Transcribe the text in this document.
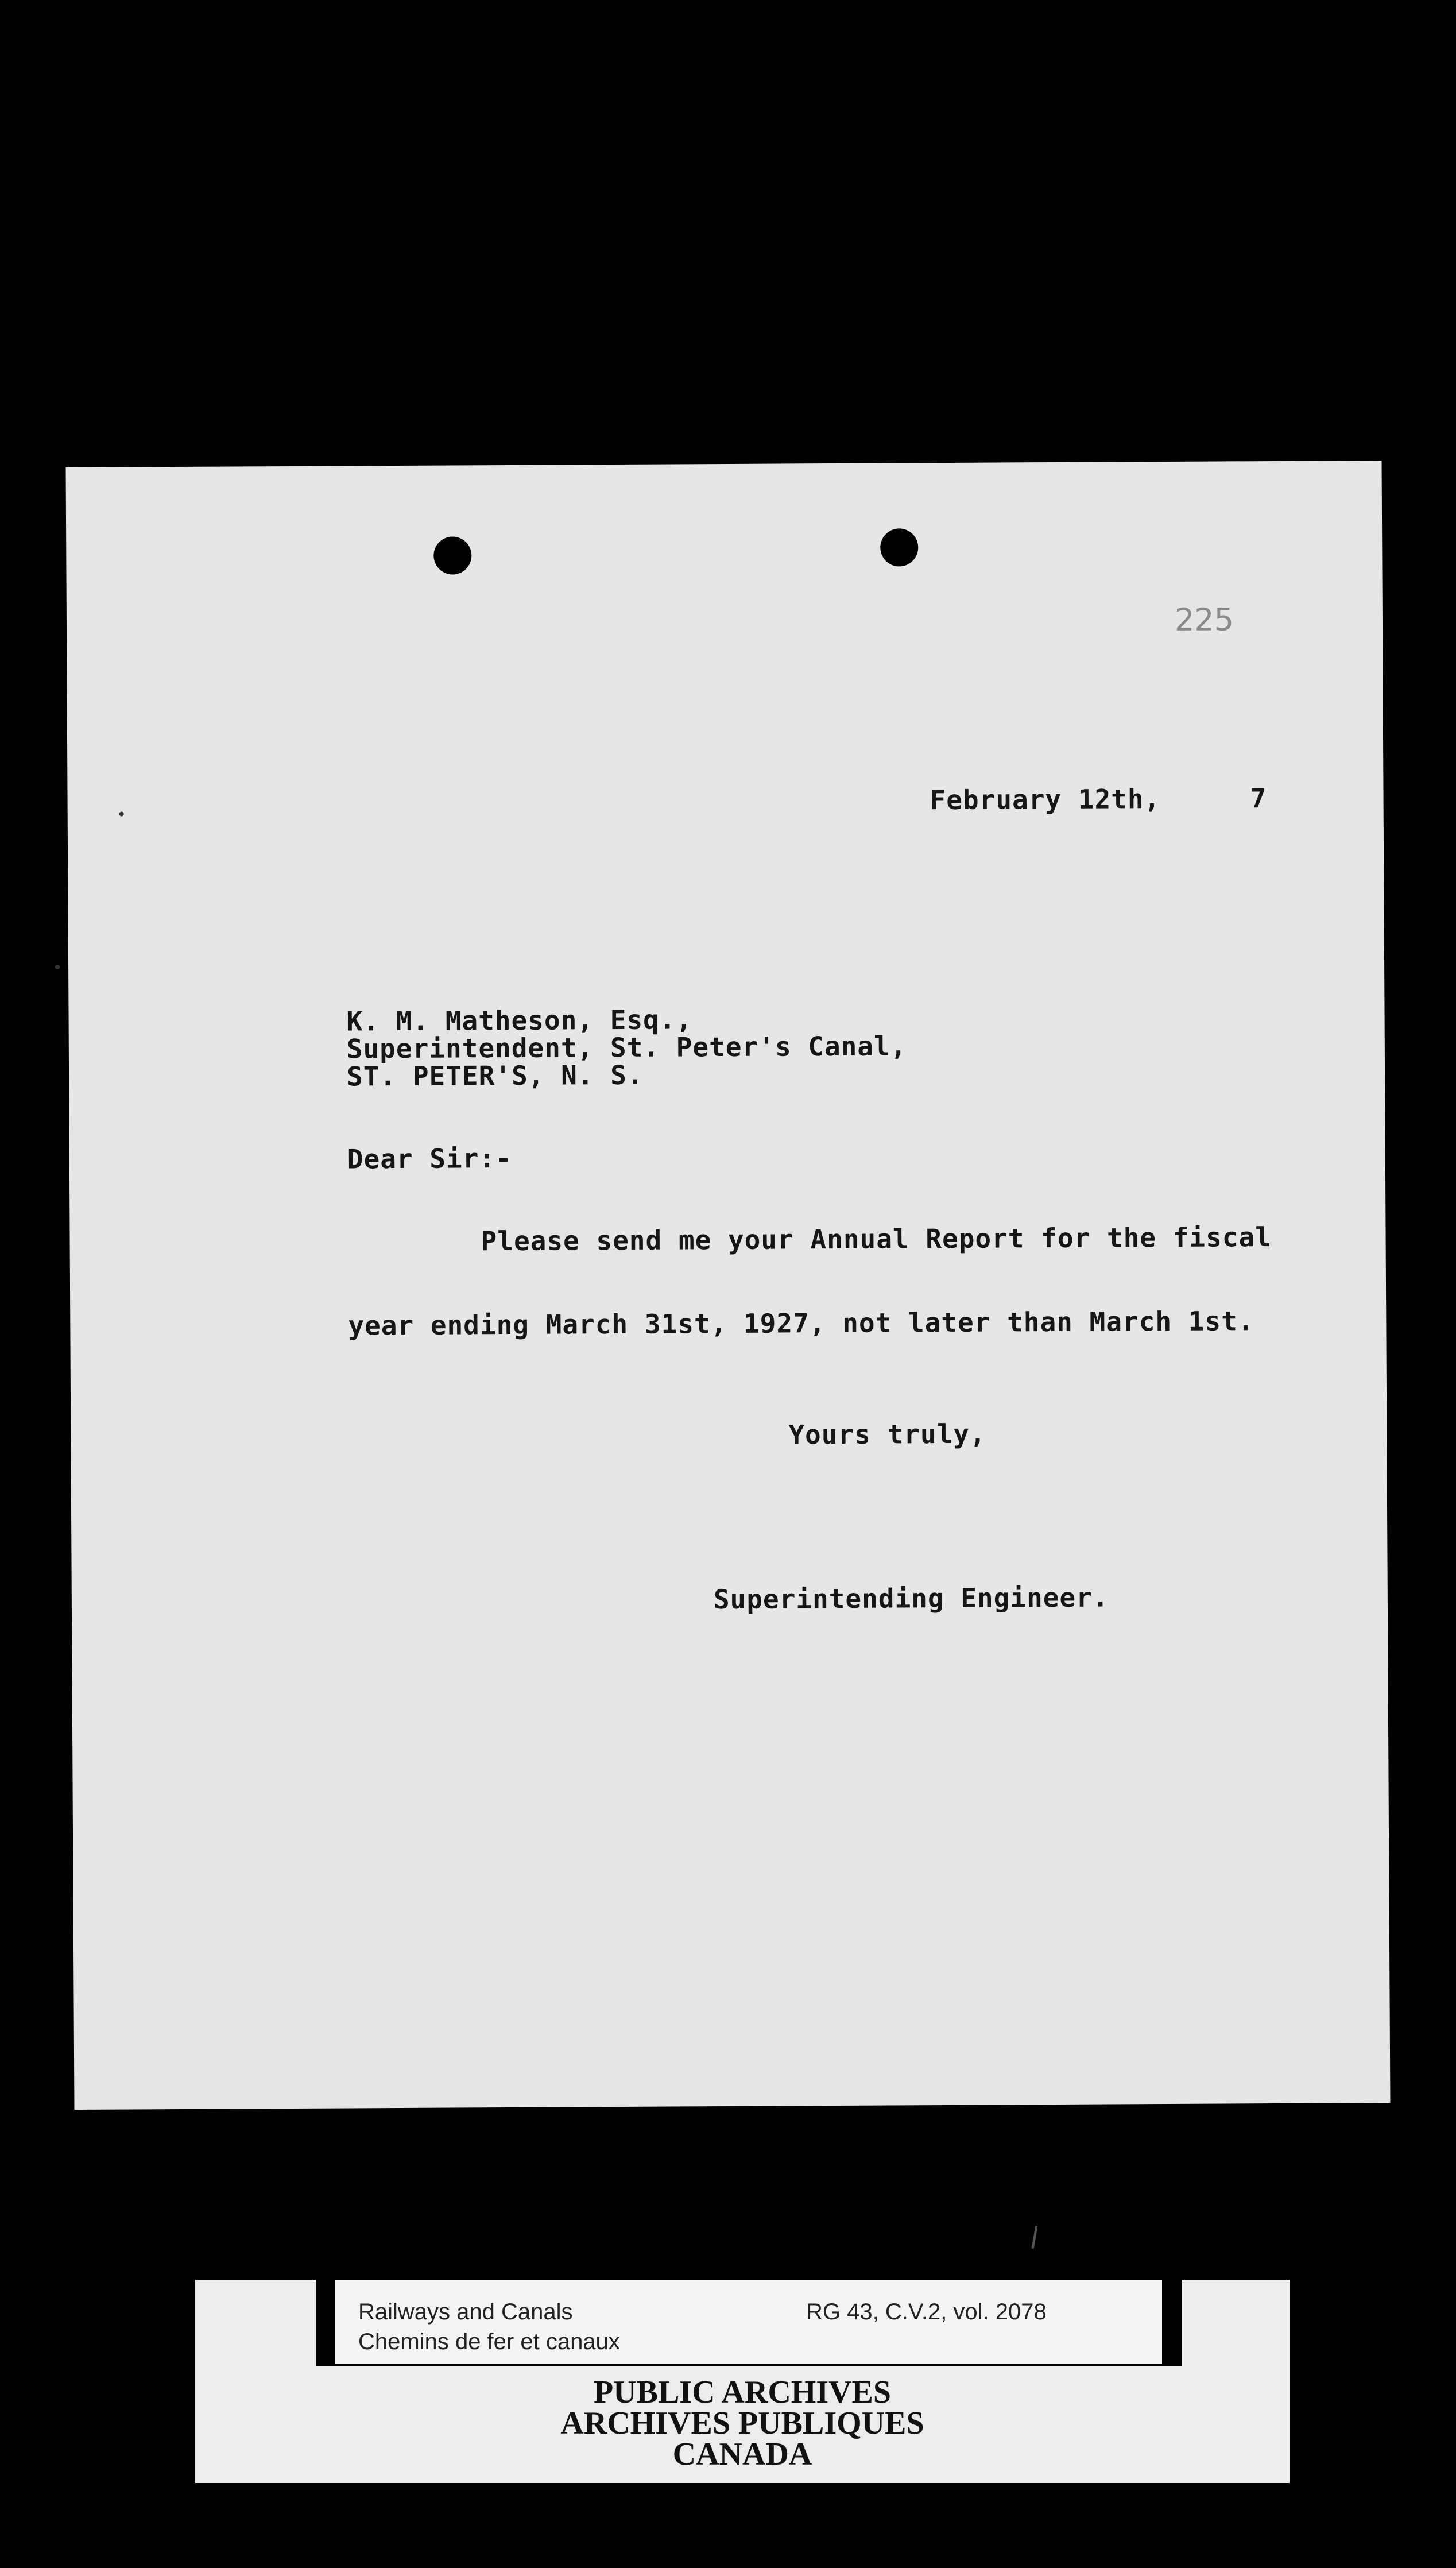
225
February 12th,	7
K. M. Matheson, Esq.,
Superintendent, St. Peter's Canal,
ST. PETER'S, N. S.
Dear Sir:-
Please send me your Annual Report for the fiscal
year ending March 31st, 1927, not later than March 1st.
Yours truly,
Superintending Engineer.
Railways and Canals
Chemins de fer et canaux
RG 43, C.V.2, vol. 2078
PUBLIC ARCHIVES
ARCHIVES PUBLIQUES
CANADA
